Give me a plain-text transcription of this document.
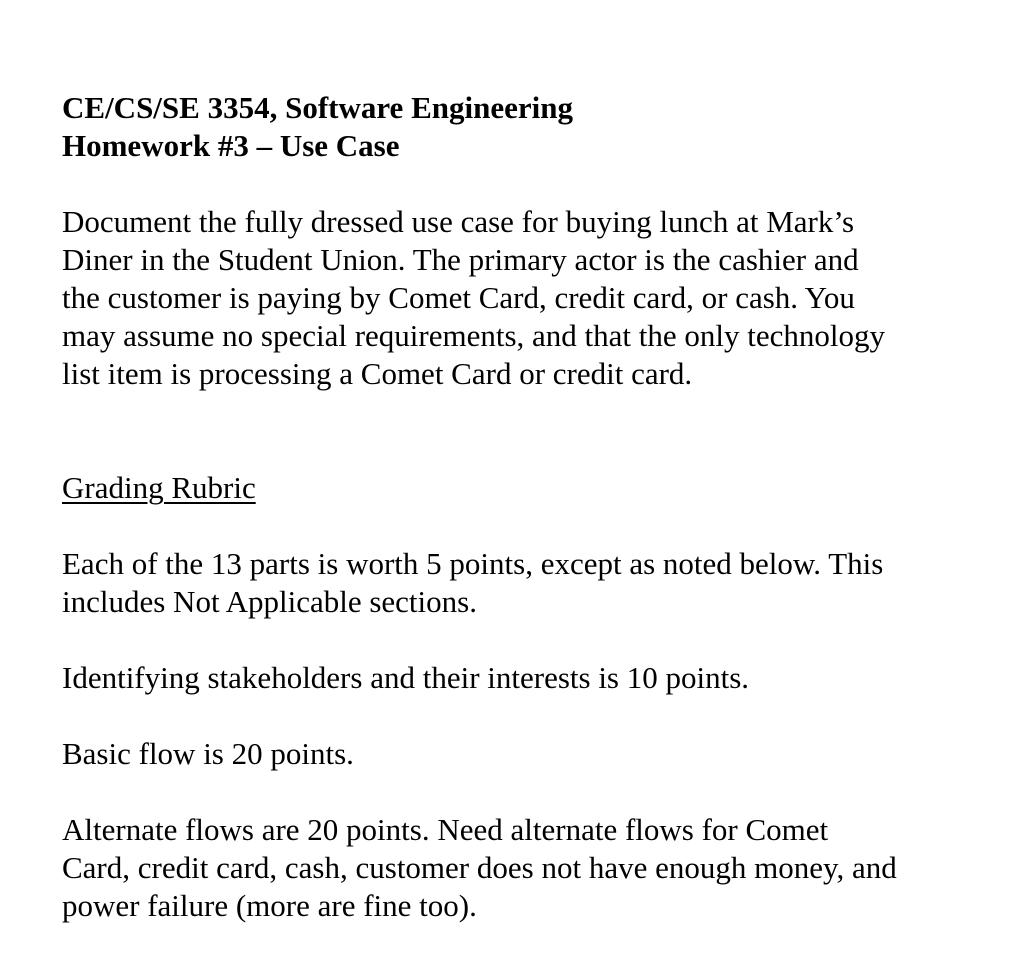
CE/CS/SE 3354, Software Engineering
Homework #3 – Use Case
Document the fully dressed use case for buying lunch at Mark’s
Diner in the Student Union. The primary actor is the cashier and
the customer is paying by Comet Card, credit card, or cash. You
may assume no special requirements, and that the only technology
list item is processing a Comet Card or credit card.
Grading Rubric
Each of the 13 parts is worth 5 points, except as noted below. This
includes Not Applicable sections.
Identifying stakeholders and their interests is 10 points.
Basic flow is 20 points.
Alternate flows are 20 points. Need alternate flows for Comet
Card, credit card, cash, customer does not have enough money, and
power failure (more are fine too).
